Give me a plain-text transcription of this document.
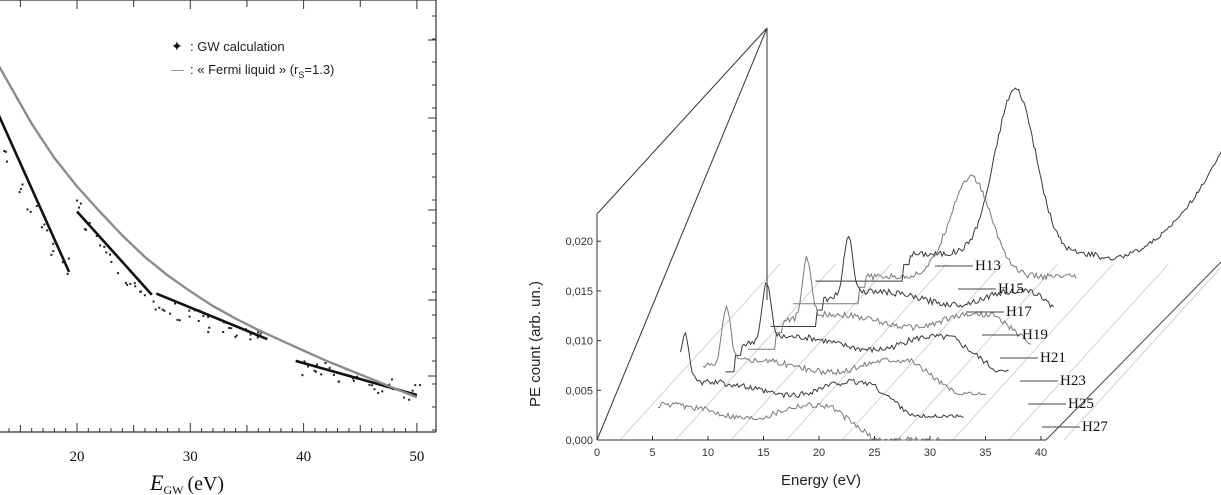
20	30	40	50
✦ : GW calculation
— : « Fermi liquid » $(r_S=1.3)$
$E_{GW}$ (eV)
0,000
0,005
0,010
0,015
0,020
0	5	10	15	20	25	30	35	40
H13
H15
H17
H19
H21
H23
H25
H27
PE count (arb. un.)
Energy (eV)
